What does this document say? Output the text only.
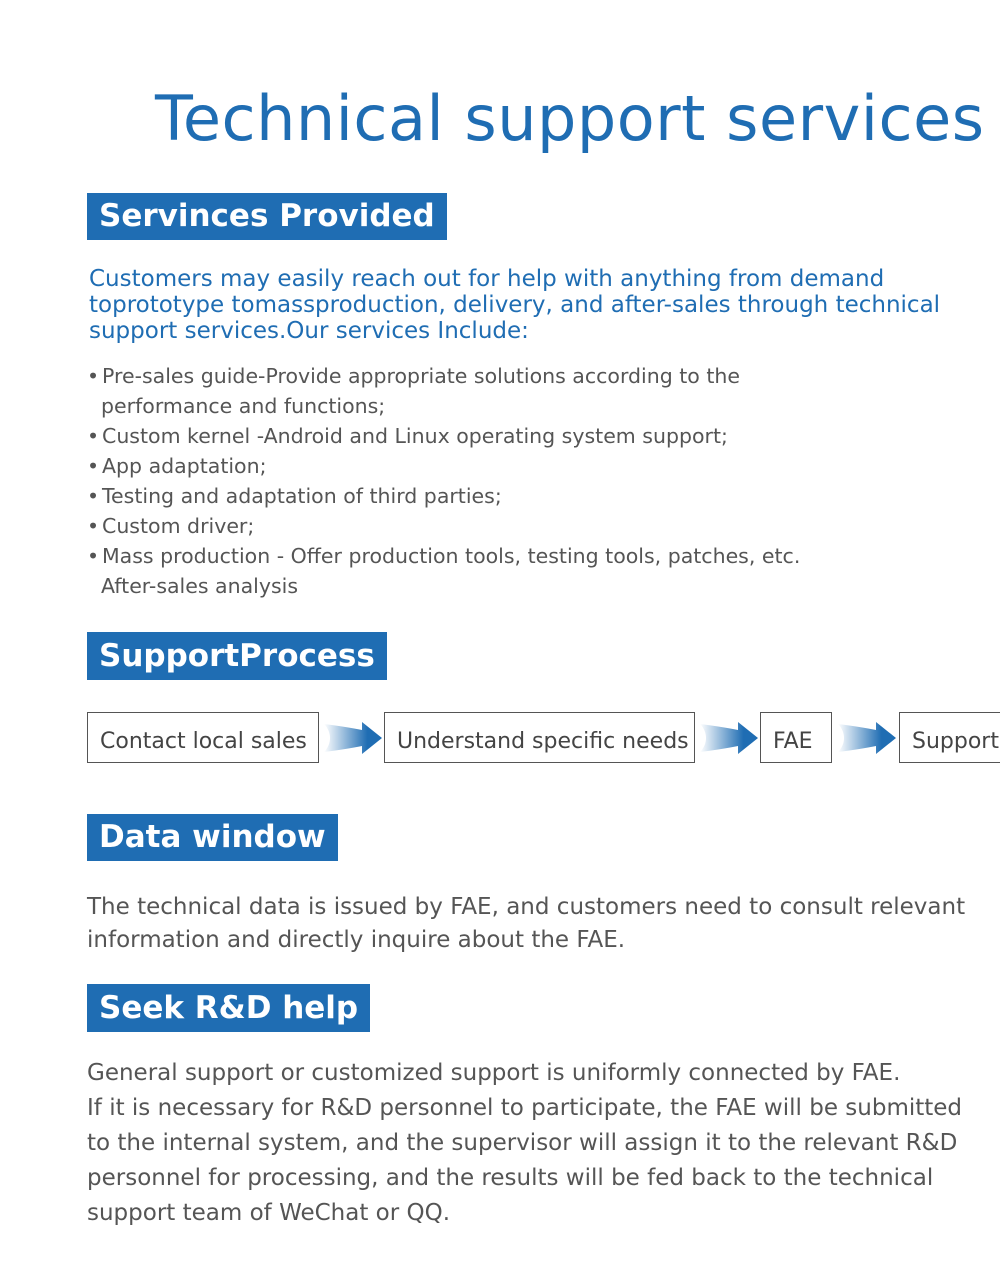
Technical support services
Servinces Provided

Customers may easily reach out for help with anything from demand toprototype tomassproduction, delivery, and after-sales through technical support services.Our services Include:

• Pre-sales guide-Provide appropriate solutions according to the
performance and functions;
• Custom kernel -Android and Linux operating system support;
• App adaptation;
• Testing and adaptation of third parties;
• Custom driver;
• Mass production - Offer production tools, testing tools, patches, etc.
After-sales analysis
SupportProcess
Contact local sales	Understand specific needs	FAE	Support
Data window

The technical data is issued by FAE, and customers need to consult relevant information and directly inquire about the FAE.

Seek R&D help
General support or customized support is uniformly connected by FAE.
If it is necessary for R&D personnel to participate, the FAE will be submitted to the internal system, and the supervisor will assign it to the relevant R&D personnel for processing, and the results will be fed back to the technical support team of WeChat or QQ.
